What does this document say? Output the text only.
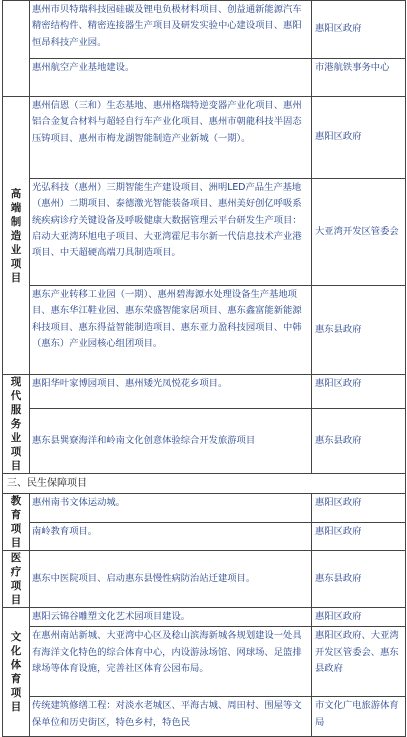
	惠州市贝特瑞科技园硅碳及锂电负极材料项目、创益通新能源汽车精密结构件、精密连接器生产项目及研发实验中心建设项目、惠阳恒昂科技产业园。	惠阳区政府
	惠州航空产业基地建设。	市港航铁事务中心
高端制造业项目	惠州信恩（三和）生态基地、惠州格瑞特逆变器产业化项目、惠州铝合金复合材料与超轻自行车产业化项目、惠州市朝龍科技半固态压铸项目、惠州市梅龙湖智能制造产业新城（一期）。	惠阳区政府
	光弘科技（惠州）三期智能生产建设项目、洲明LED产品生产基地（惠州）二期项目、泰德激光智能装备项目、惠州美好创亿呼吸系统疾病诊疗关键设备及呼吸健康大数据管理云平台研发生产项目：启动大亚湾环旭电子项目、大亚湾霍尼韦尔新一代信息技术产业港项目、中天超硬高端刀具制造项目。	大亚湾开发区管委会
	惠东产业转移工业园（一期）、惠州碧海源水处理设备生产基地项目、惠东华江鞋业园、惠东荣盛智能家居项目、惠东鑫富能新能源科技项目、惠东得益智能制造项目、惠东亚力盈科技园项目、中韩（惠东）产业园核心组团项目。	惠东县政府
现代服务业项目	惠阳华叶家博园项目、惠州矮光凤悦花乡项目。	惠阳区政府
	惠东县巽寮海洋和岭南文化创意体验综合开发旅游项目	惠东县政府
三、民生保障项目		
教育项目	惠州南书文体运动城。	惠阳区政府
	南岭教育项目。	惠阳区政府
医疗项目	惠东中医院项目、启动惠东县慢性病防治站迁建项目。	惠东县政府
文化体育项目	惠阳云锦谷雕塑文化艺术园项目建设。	惠阳区政府
	在惠州南站新城、大亚湾中心区及稔山滨海新城各规划建设一处具有海洋文化特色的综合体育中心，内设游泳场馆、网球场、足篮排球场等体育设施，完善社区体育公园布局。	惠阳区政府、大亚湾开发区管委会、惠东县政府
	传统建筑修缮工程：对淡水老城区、平海古城、周田村、围屋等文保单位和历史街区，特色乡村，特色民	市文化广电旅游体育局
